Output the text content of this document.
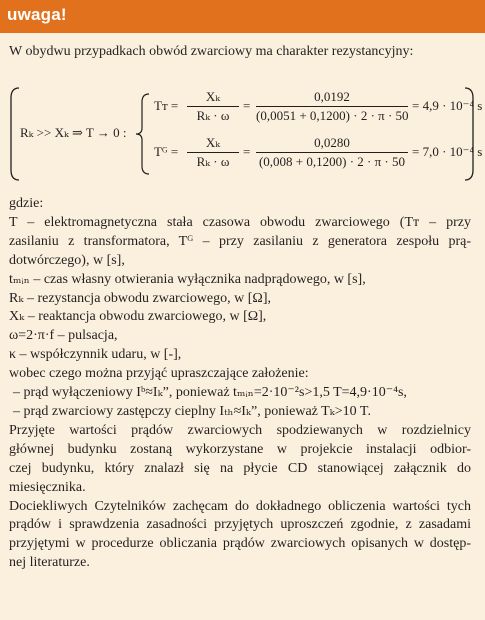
uwaga!
W obydwu przypadkach obwód zwarciowy ma charakter rezystancyjny:
Rₖ >> Xₖ ⇒ T → 0 :
Tᴛ = $\frac{\text{Xₖ}}{\text{Rₖ · ω}} = \frac{0,0192}{(0,0051 + 0,1200) \cdot 2 \cdot \pi \cdot 50} = 4,9 \cdot 10^{-4}$ s
Tᴳ = $\frac{\text{Xₖ}}{\text{Rₖ · ω}} = \frac{0,0280}{(0,008 + 0,1200) \cdot 2 \cdot \pi \cdot 50} = 7,0 \cdot 10^{-4}$ s

gdzie:

T – elektromagnetyczna stała czasowa obwodu zwarciowego (Tᴛ – przy

zasilaniu z transformatora, Tᴳ – przy zasilaniu z generatora zespołu prą-

dotwórczego), w [s],

tₘᵢₙ – czas własny otwierania wyłącznika nadprądowego, w [s],

Rₖ – rezystancja obwodu zwarciowego, w [Ω],

Xₖ – reaktancja obwodu zwarciowego, w [Ω],

ω=2·π·f – pulsacja,

κ – współczynnik udaru, w [-],

wobec czego można przyjąć upraszczające założenie:

– prąd wyłączeniowy Iᵇ≈Iₖˮ, ponieważ tₘᵢₙ=2·10⁻²s>1,5 T=4,9·10⁻⁴s,

– prąd zwarciowy zastępczy cieplny Iₜₕ≈Iₖˮ, ponieważ Tₖ>10 T.

Przyjęte wartości prądów zwarciowych spodziewanych w rozdzielnicy

głównej budynku zostaną wykorzystane w projekcie instalacji odbior-

czej budynku, który znalazł się na płycie CD stanowiącej załącznik do

miesięcznika.

Dociekliwych Czytelników zachęcam do dokładnego obliczenia wartości tych

prądów i sprawdzenia zasadności przyjętych uproszczeń zgodnie, z zasadami

przyjętymi w procedurze obliczania prądów zwarciowych opisanych w dostęp-

nej literaturze.
